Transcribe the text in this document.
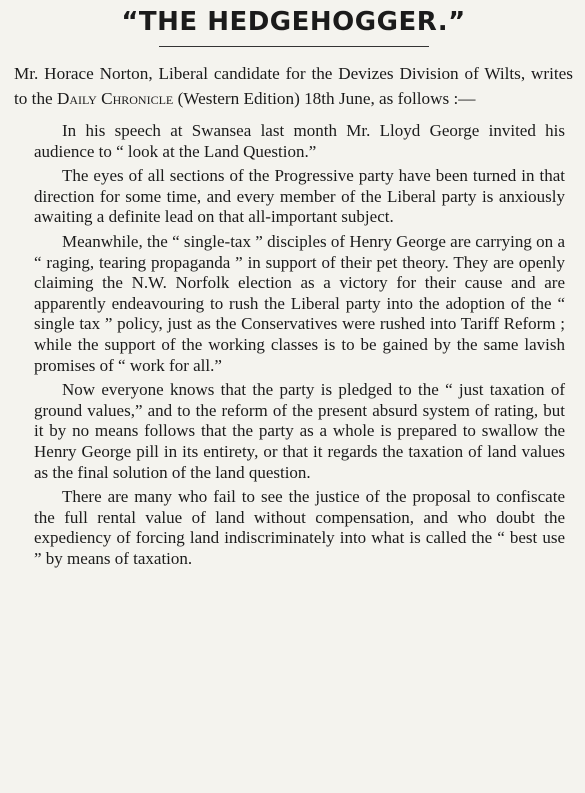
“THE HEDGEHOGGER.”

Mr. Horace Norton, Liberal candidate for the Devizes Division of Wilts, writes to the Daily Chronicle (Western Edition) 18th June, as follows :—

In his speech at Swansea last month Mr. Lloyd George invited his audience to “ look at the Land Question.”

The eyes of all sections of the Progressive party have been turned in that direction for some time, and every member of the Liberal party is anxiously awaiting a definite lead on that all-important subject.

Meanwhile, the “ single-tax ” disciples of Henry George are carrying on a “ raging, tearing propaganda ” in support of their pet theory. They are openly claiming the N.W. Norfolk election as a victory for their cause and are apparently endeavouring to rush the Liberal party into the adoption of the “ single tax ” policy, just as the Conservatives were rushed into Tariff Reform ; while the support of the working classes is to be gained by the same lavish promises of “ work for all.”

Now everyone knows that the party is pledged to the “ just taxation of ground values,” and to the reform of the present absurd system of rating, but it by no means follows that the party as a whole is prepared to swallow the Henry George pill in its entirety, or that it regards the taxation of land values as the final solution of the land question.

There are many who fail to see the justice of the proposal to confiscate the full rental value of land without compensation, and who doubt the expediency of forcing land indiscriminately into what is called the “ best use ” by means of taxation.
